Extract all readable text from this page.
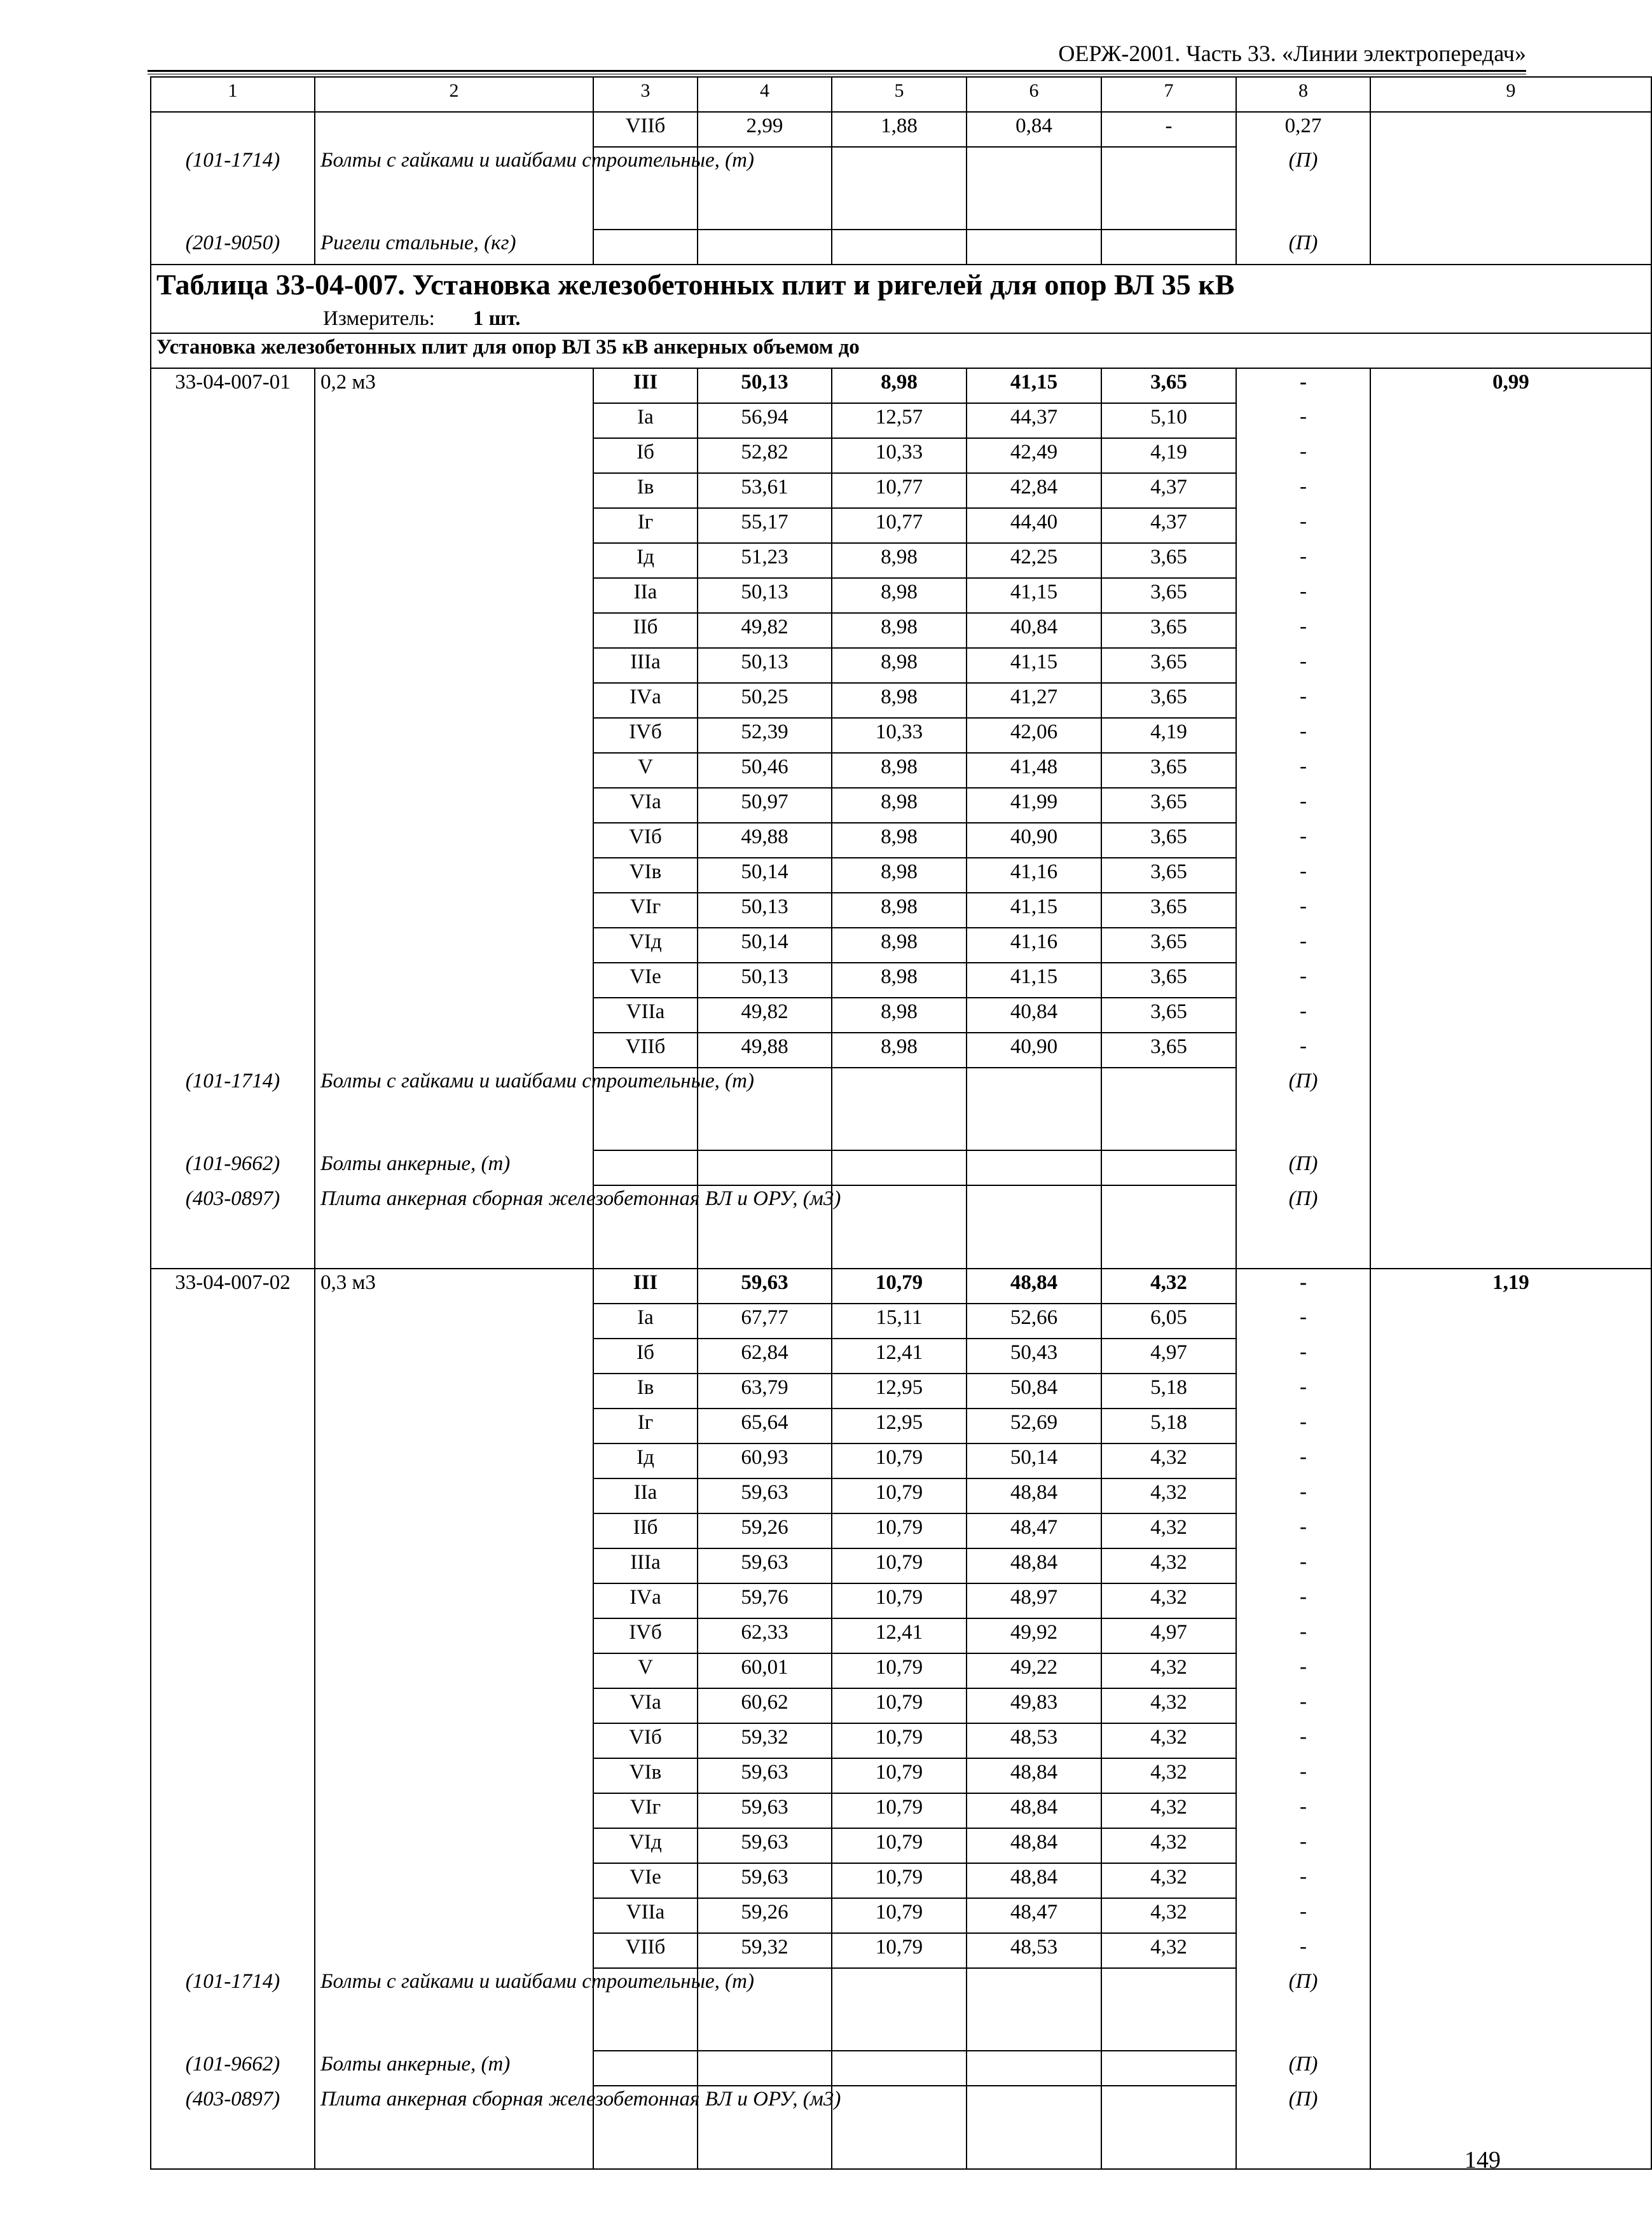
ОЕРЖ-2001. Часть 33. «Линии электропередач»
1	2	3	4	5	6	7	8	9
		VIIб	2,99	1,88	0,84	-	0,27	
(101-1714)	Болты с гайками и шайбами строительные, (т)						(П)	
(201-9050)	Ригели стальные, (кг)						(П)	

Таблица 33-04-007. Установка железобетонных плит и ригелей для опор ВЛ 35 кВ
Измеритель: 1 шт.								

Установка железобетонных плит для опор ВЛ 35 кВ анкерных объемом до								
33-04-007-01	0,2 м3	III	50,13	8,98	41,15	3,65	-	0,99
		Iа	56,94	12,57	44,37	5,10	-	
		Iб	52,82	10,33	42,49	4,19	-	
		Iв	53,61	10,77	42,84	4,37	-	
		Iг	55,17	10,77	44,40	4,37	-	
		Iд	51,23	8,98	42,25	3,65	-	
		IIа	50,13	8,98	41,15	3,65	-	
		IIб	49,82	8,98	40,84	3,65	-	
		IIIа	50,13	8,98	41,15	3,65	-	
		IVа	50,25	8,98	41,27	3,65	-	
		IVб	52,39	10,33	42,06	4,19	-	
		V	50,46	8,98	41,48	3,65	-	
		VIа	50,97	8,98	41,99	3,65	-	
		VIб	49,88	8,98	40,90	3,65	-	
		VIв	50,14	8,98	41,16	3,65	-	
		VIг	50,13	8,98	41,15	3,65	-	
		VIд	50,14	8,98	41,16	3,65	-	
		VIе	50,13	8,98	41,15	3,65	-	
		VIIа	49,82	8,98	40,84	3,65	-	
		VIIб	49,88	8,98	40,90	3,65	-	
(101-1714)	Болты с гайками и шайбами строительные, (т)						(П)	
(101-9662)	Болты анкерные, (т)						(П)	
(403-0897)	Плита анкерная сборная железобетонная ВЛ и ОРУ, (м3)						(П)	
33-04-007-02	0,3 м3	III	59,63	10,79	48,84	4,32	-	1,19
		Iа	67,77	15,11	52,66	6,05	-	
		Iб	62,84	12,41	50,43	4,97	-	
		Iв	63,79	12,95	50,84	5,18	-	
		Iг	65,64	12,95	52,69	5,18	-	
		Iд	60,93	10,79	50,14	4,32	-	
		IIа	59,63	10,79	48,84	4,32	-	
		IIб	59,26	10,79	48,47	4,32	-	
		IIIа	59,63	10,79	48,84	4,32	-	
		IVа	59,76	10,79	48,97	4,32	-	
		IVб	62,33	12,41	49,92	4,97	-	
		V	60,01	10,79	49,22	4,32	-	
		VIа	60,62	10,79	49,83	4,32	-	
		VIб	59,32	10,79	48,53	4,32	-	
		VIв	59,63	10,79	48,84	4,32	-	
		VIг	59,63	10,79	48,84	4,32	-	
		VIд	59,63	10,79	48,84	4,32	-	
		VIе	59,63	10,79	48,84	4,32	-	
		VIIа	59,26	10,79	48,47	4,32	-	
		VIIб	59,32	10,79	48,53	4,32	-	
(101-1714)	Болты с гайками и шайбами строительные, (т)						(П)	
(101-9662)	Болты анкерные, (т)						(П)	
(403-0897)	Плита анкерная сборная железобетонная ВЛ и ОРУ, (м3)						(П)	
149
